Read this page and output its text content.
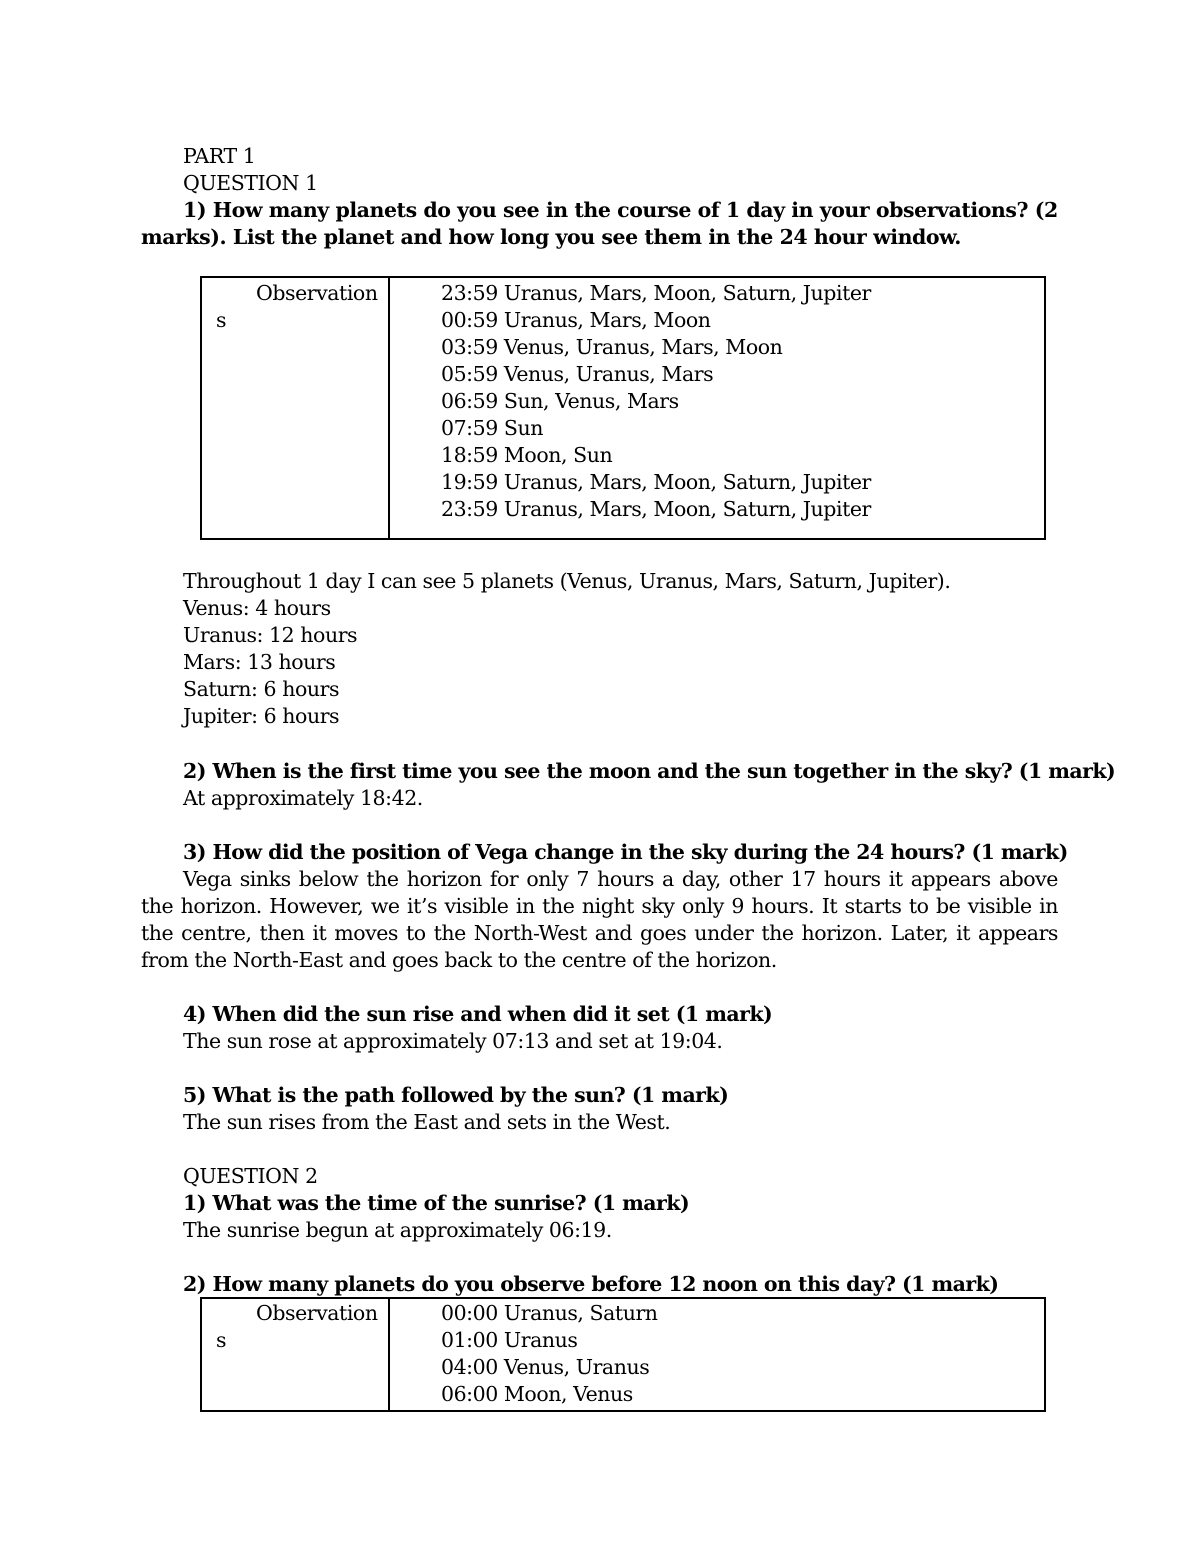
PART 1
QUESTION 1
1) How many planets do you see in the course of 1 day in your observations? (2
marks). List the planet and how long you see them in the 24 hour window.
Observation
s
23:59 Uranus, Mars, Moon, Saturn, Jupiter
00:59 Uranus, Mars, Moon
03:59 Venus, Uranus, Mars, Moon
05:59 Venus, Uranus, Mars
06:59 Sun, Venus, Mars
07:59 Sun
18:59 Moon, Sun
19:59 Uranus, Mars, Moon, Saturn, Jupiter
23:59 Uranus, Mars, Moon, Saturn, Jupiter
Throughout 1 day I can see 5 planets (Venus, Uranus, Mars, Saturn, Jupiter).
Venus: 4 hours
Uranus: 12 hours
Mars: 13 hours
Saturn: 6 hours
Jupiter: 6 hours
2) When is the first time you see the moon and the sun together in the sky? (1 mark)
At approximately 18:42.
3) How did the position of Vega change in the sky during the 24 hours? (1 mark)
Vega sinks below the horizon for only 7 hours a day, other 17 hours it appears above the horizon. However, we it’s visible in the night sky only 9 hours. It starts to be visible in the centre, then it moves to the North-West and goes under the horizon. Later, it appears from the North-East and goes back to the centre of the horizon.
4) When did the sun rise and when did it set (1 mark)
The sun rose at approximately 07:13 and set at 19:04.
5) What is the path followed by the sun? (1 mark)
The sun rises from the East and sets in the West.
QUESTION 2
1) What was the time of the sunrise? (1 mark)
The sunrise begun at approximately 06:19.
2) How many planets do you observe before 12 noon on this day? (1 mark)
Observation
s
00:00 Uranus, Saturn
01:00 Uranus
04:00 Venus, Uranus
06:00 Moon, Venus
